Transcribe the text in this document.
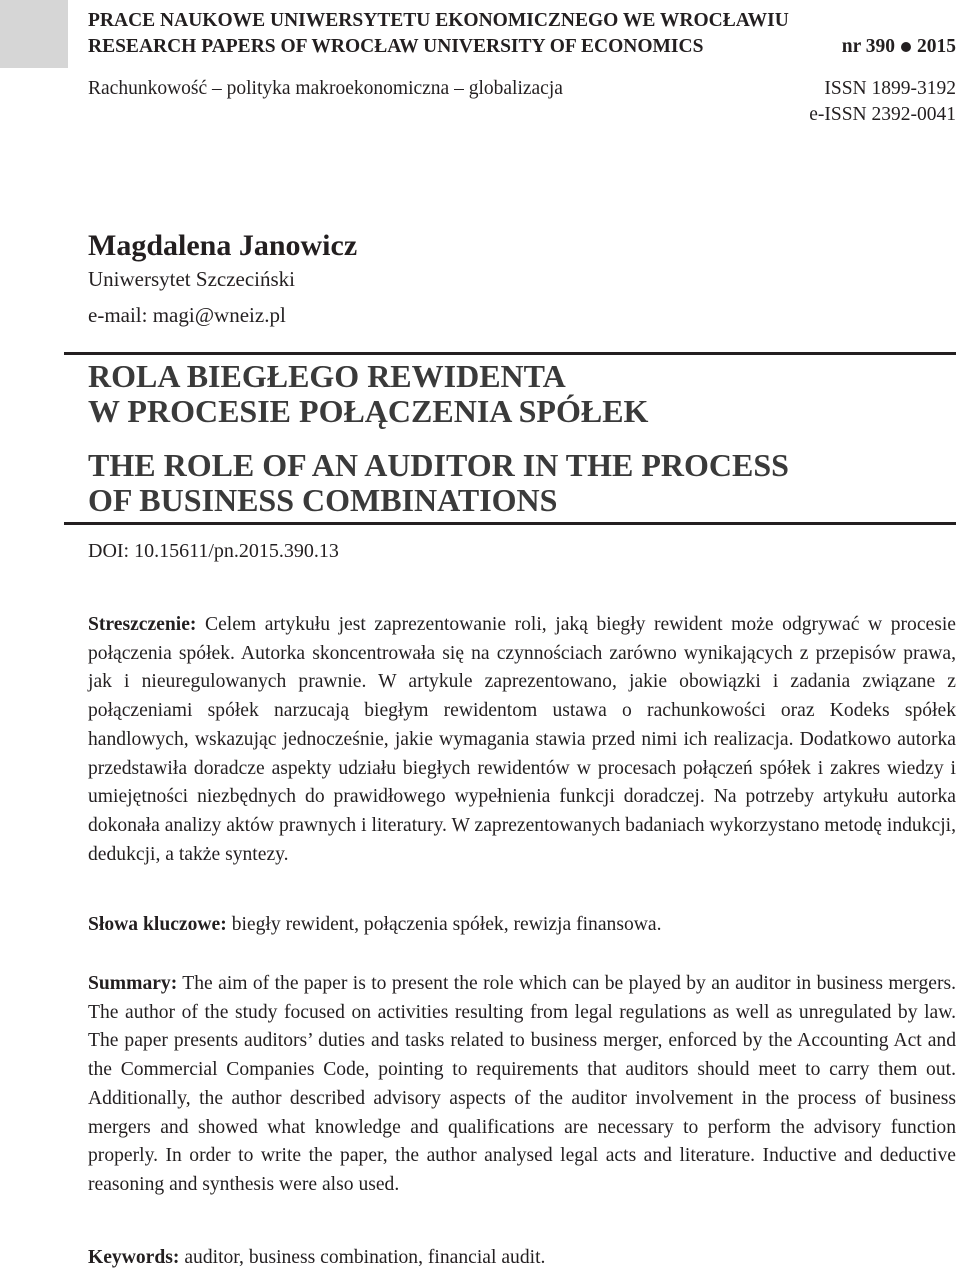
PRACE NAUKOWE UNIWERSYTETU EKONOMICZNEGO WE WROCŁAWIU
RESEARCH PAPERS OF WROCŁAW UNIVERSITY OF ECONOMICS	nr 390 2015
Rachunkowość – polityka makroekonomiczna – globalizacja	ISSN 1899-3192
e-ISSN 2392-0041
Magdalena Janowicz
Uniwersytet Szczeciński
e-mail: magi@wneiz.pl
ROLA BIEGŁEGO REWIDENTA
W PROCESIE POŁĄCZENIA SPÓŁEK
THE ROLE OF AN AUDITOR IN THE PROCESS
OF BUSINESS COMBINATIONS
DOI: 10.15611/pn.2015.390.13
Streszczenie: Celem artykułu jest zaprezentowanie roli, jaką biegły rewident może odgrywać w procesie połączenia spółek. Autorka skoncentrowała się na czynnościach zarówno wynikających z przepisów prawa, jak i nieuregulowanych prawnie. W artykule zaprezentowano, jakie obowiązki i zadania związane z połączeniami spółek narzucają biegłym rewidentom ustawa o rachunkowości oraz Kodeks spółek handlowych, wskazując jednocześnie, jakie wymagania stawia przed nimi ich realizacja. Dodatkowo autorka przedstawiła doradcze aspekty udziału biegłych rewidentów w procesach połączeń spółek i zakres wiedzy i umiejętności niezbędnych do prawidłowego wypełnienia funkcji doradczej. Na potrzeby artykułu autorka dokonała analizy aktów prawnych i literatury. W zaprezentowanych badaniach wykorzystano metodę indukcji, dedukcji, a także syntezy.
Słowa kluczowe: biegły rewident, połączenia spółek, rewizja finansowa.
Summary: The aim of the paper is to present the role which can be played by an auditor in business mergers. The author of the study focused on activities resulting from legal regulations as well as unregulated by law. The paper presents auditors’ duties and tasks related to business merger, enforced by the Accounting Act and the Commercial Companies Code, pointing to requirements that auditors should meet to carry them out. Additionally, the author described advisory aspects of the auditor involvement in the process of business mergers and showed what knowledge and qualifications are necessary to perform the advisory function properly. In order to write the paper, the author analysed legal acts and literature. Inductive and deductive reasoning and synthesis were also used.
Keywords: auditor, business combination, financial audit.
